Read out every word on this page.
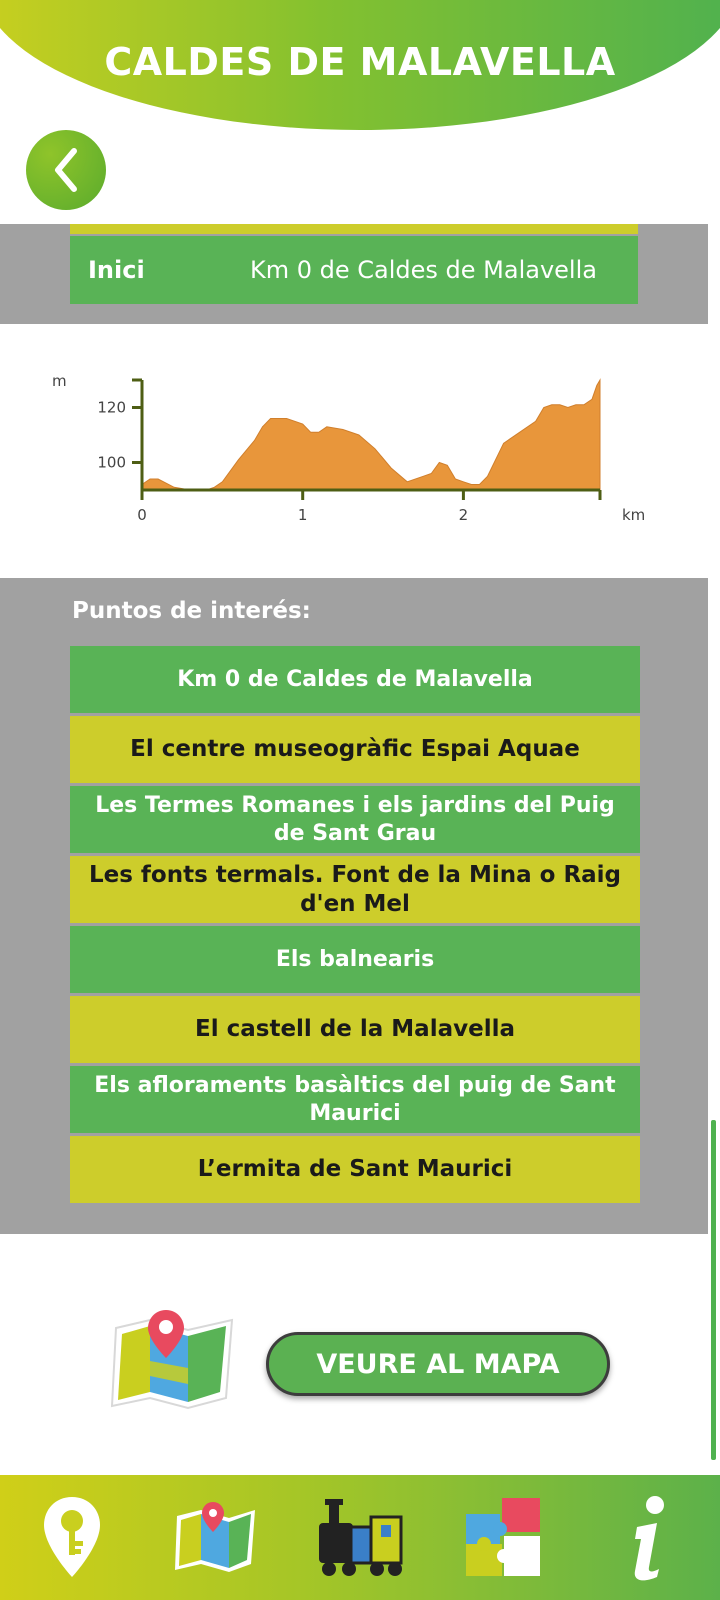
CALDES DE MALAVELLA
Inici	Km 0 de Caldes de Malavella
100
120
0	1	2
m
km
Puntos de interés:
Km 0 de Caldes de Malavella
El centre museogràfic Espai Aquae
Les Termes Romanes i els jardins del Puig de Sant Grau
Les fonts termals. Font de la Mina o Raig d'en Mel
Els balnearis
El castell de la Malavella
Els afloraments basàltics del puig de Sant Maurici
L’ermita de Sant Maurici
VEURE AL MAPA
